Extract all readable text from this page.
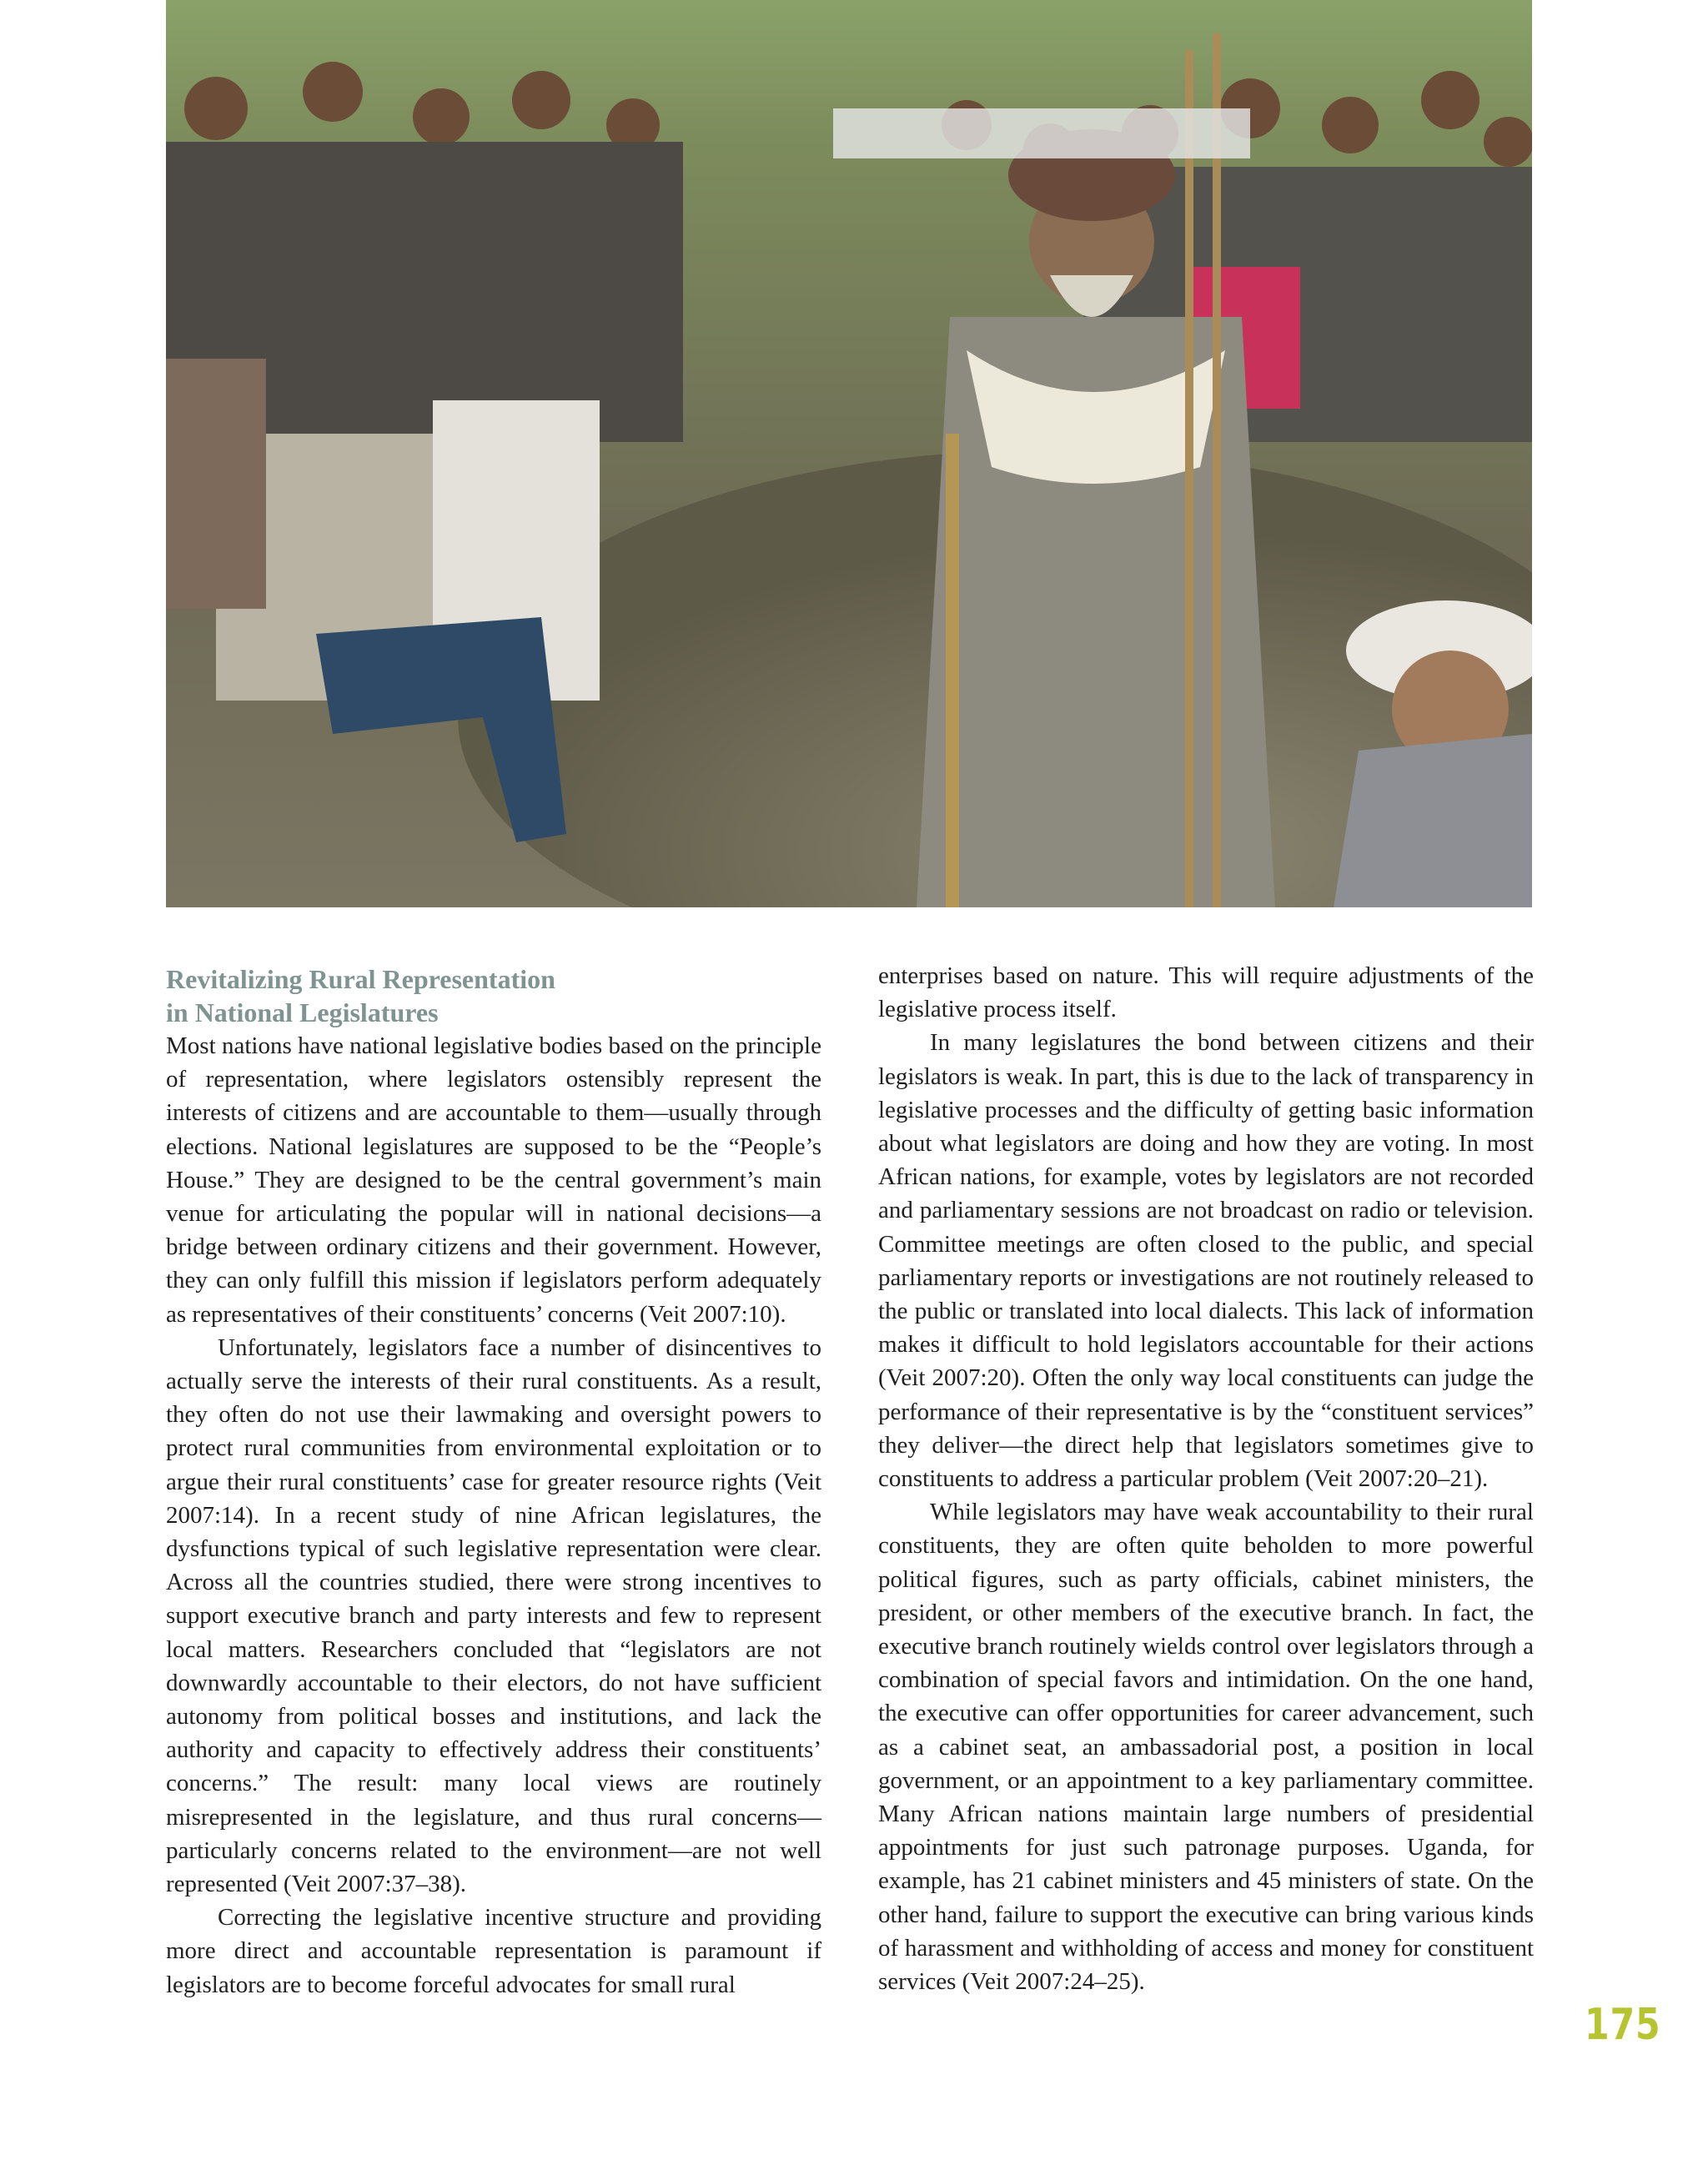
Revitalizing Rural Representation
in National Legislatures

Most nations have national legislative bodies based on the principle of representation, where legislators ostensibly represent the interests of citizens and are accountable to them—usually through elections. National legislatures are supposed to be the “People’s House.” They are designed to be the central government’s main venue for articulating the popular will in national decisions—a bridge between ordinary citizens and their government. However, they can only fulfill this mission if legislators perform adequately as representatives of their constituents’ concerns (Veit 2007:10).

Unfortunately, legislators face a number of disincentives to actually serve the interests of their rural constituents. As a result, they often do not use their lawmaking and oversight powers to protect rural communities from environmental exploitation or to argue their rural constituents’ case for greater resource rights (Veit 2007:14). In a recent study of nine African legislatures, the dysfunctions typical of such legislative representation were clear. Across all the countries studied, there were strong incentives to support executive branch and party interests and few to represent local matters. Researchers concluded that “legislators are not downwardly accountable to their electors, do not have sufficient autonomy from political bosses and institutions, and lack the authority and capacity to effectively address their constituents’ concerns.” The result: many local views are routinely misrepresented in the legislature, and thus rural concerns—particularly concerns related to the environment—are not well represented (Veit 2007:37–38).

Correcting the legislative incentive structure and providing more direct and accountable representation is paramount if legislators are to become forceful advocates for small rural

enterprises based on nature. This will require adjustments of the legislative process itself.

In many legislatures the bond between citizens and their legislators is weak. In part, this is due to the lack of transparency in legislative processes and the difficulty of getting basic information about what legislators are doing and how they are voting. In most African nations, for example, votes by legislators are not recorded and parliamentary sessions are not broadcast on radio or television. Committee meetings are often closed to the public, and special parliamentary reports or investigations are not routinely released to the public or translated into local dialects. This lack of information makes it difficult to hold legislators accountable for their actions (Veit 2007:20). Often the only way local constituents can judge the performance of their representative is by the “constituent services” they deliver—the direct help that legislators sometimes give to constituents to address a particular problem (Veit 2007:20–21).

While legislators may have weak accountability to their rural constituents, they are often quite beholden to more powerful political figures, such as party officials, cabinet ministers, the president, or other members of the executive branch. In fact, the executive branch routinely wields control over legislators through a combination of special favors and intimidation. On the one hand, the executive can offer opportunities for career advancement, such as a cabinet seat, an ambassadorial post, a position in local government, or an appointment to a key parliamentary committee. Many African nations maintain large numbers of presidential appointments for just such patronage purposes. Uganda, for example, has 21 cabinet ministers and 45 ministers of state. On the other hand, failure to support the executive can bring various kinds of harassment and withholding of access and money for constituent services (Veit 2007:24–25).

175
